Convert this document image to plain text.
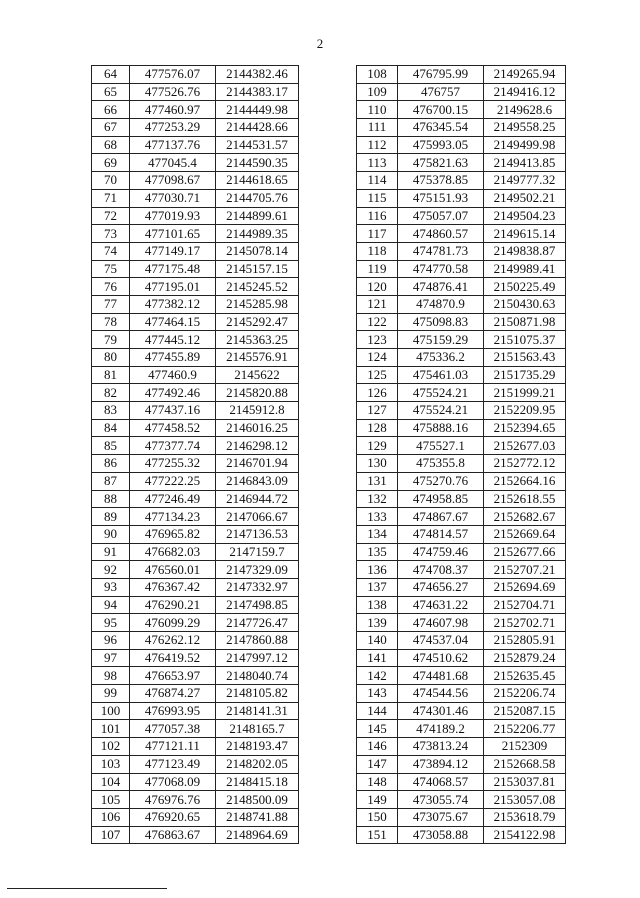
2
64	477576.07	2144382.46
65	477526.76	2144383.17
66	477460.97	2144449.98
67	477253.29	2144428.66
68	477137.76	2144531.57
69	477045.4	2144590.35
70	477098.67	2144618.65
71	477030.71	2144705.76
72	477019.93	2144899.61
73	477101.65	2144989.35
74	477149.17	2145078.14
75	477175.48	2145157.15
76	477195.01	2145245.52
77	477382.12	2145285.98
78	477464.15	2145292.47
79	477445.12	2145363.25
80	477455.89	2145576.91
81	477460.9	2145622
82	477492.46	2145820.88
83	477437.16	2145912.8
84	477458.52	2146016.25
85	477377.74	2146298.12
86	477255.32	2146701.94
87	477222.25	2146843.09
88	477246.49	2146944.72
89	477134.23	2147066.67
90	476965.82	2147136.53
91	476682.03	2147159.7
92	476560.01	2147329.09
93	476367.42	2147332.97
94	476290.21	2147498.85
95	476099.29	2147726.47
96	476262.12	2147860.88
97	476419.52	2147997.12
98	476653.97	2148040.74
99	476874.27	2148105.82
100	476993.95	2148141.31
101	477057.38	2148165.7
102	477121.11	2148193.47
103	477123.49	2148202.05
104	477068.09	2148415.18
105	476976.76	2148500.09
106	476920.65	2148741.88
107	476863.67	2148964.69
108	476795.99	2149265.94
109	476757	2149416.12
110	476700.15	2149628.6
111	476345.54	2149558.25
112	475993.05	2149499.98
113	475821.63	2149413.85
114	475378.85	2149777.32
115	475151.93	2149502.21
116	475057.07	2149504.23
117	474860.57	2149615.14
118	474781.73	2149838.87
119	474770.58	2149989.41
120	474876.41	2150225.49
121	474870.9	2150430.63
122	475098.83	2150871.98
123	475159.29	2151075.37
124	475336.2	2151563.43
125	475461.03	2151735.29
126	475524.21	2151999.21
127	475524.21	2152209.95
128	475888.16	2152394.65
129	475527.1	2152677.03
130	475355.8	2152772.12
131	475270.76	2152664.16
132	474958.85	2152618.55
133	474867.67	2152682.67
134	474814.57	2152669.64
135	474759.46	2152677.66
136	474708.37	2152707.21
137	474656.27	2152694.69
138	474631.22	2152704.71
139	474607.98	2152702.71
140	474537.04	2152805.91
141	474510.62	2152879.24
142	474481.68	2152635.45
143	474544.56	2152206.74
144	474301.46	2152087.15
145	474189.2	2152206.77
146	473813.24	2152309
147	473894.12	2152668.58
148	474068.57	2153037.81
149	473055.74	2153057.08
150	473075.67	2153618.79
151	473058.88	2154122.98
